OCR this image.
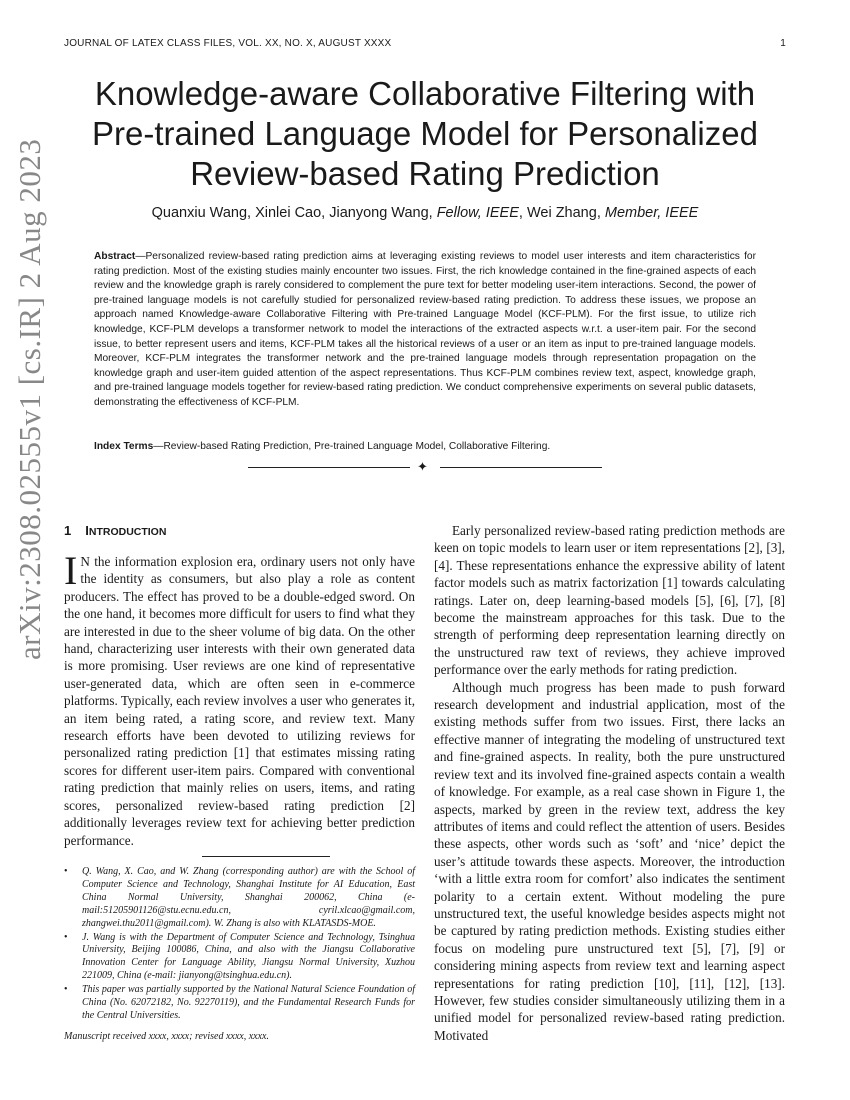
JOURNAL OF LATEX CLASS FILES, VOL. XX, NO. X, AUGUST XXXX	1
arXiv:2308.02555v1 [cs.IR] 2 Aug 2023
Knowledge-aware Collaborative Filtering with Pre-trained Language Model for Personalized Review-based Rating Prediction
Quanxiu Wang, Xinlei Cao, Jianyong Wang, Fellow, IEEE, Wei Zhang, Member, IEEE
Abstract—Personalized review-based rating prediction aims at leveraging existing reviews to model user interests and item characteristics for rating prediction. Most of the existing studies mainly encounter two issues. First, the rich knowledge contained in the fine-grained aspects of each review and the knowledge graph is rarely considered to complement the pure text for better modeling user-item interactions. Second, the power of pre-trained language models is not carefully studied for personalized review-based rating prediction. To address these issues, we propose an approach named Knowledge-aware Collaborative Filtering with Pre-trained Language Model (KCF-PLM). For the first issue, to utilize rich knowledge, KCF-PLM develops a transformer network to model the interactions of the extracted aspects w.r.t. a user-item pair. For the second issue, to better represent users and items, KCF-PLM takes all the historical reviews of a user or an item as input to pre-trained language models. Moreover, KCF-PLM integrates the transformer network and the pre-trained language models through representation propagation on the knowledge graph and user-item guided attention of the aspect representations. Thus KCF-PLM combines review text, aspect, knowledge graph, and pre-trained language models together for review-based rating prediction. We conduct comprehensive experiments on several public datasets, demonstrating the effectiveness of KCF-PLM.
Index Terms—Review-based Rating Prediction, Pre-trained Language Model, Collaborative Filtering.
✦
1 INTRODUCTION

I N the information explosion era, ordinary users not only have the identity as consumers, but also play a role as content producers. The effect has proved to be a double-edged sword. On the one hand, it becomes more difficult for users to find what they are interested in due to the sheer volume of big data. On the other hand, characterizing user interests with their own generated data is more promising. User reviews are one kind of representative user-generated data, which are often seen in e-commerce platforms. Typically, each review involves a user who generates it, an item being rated, a rating score, and review text. Many research efforts have been devoted to utilizing reviews for personalized rating prediction [1] that estimates missing rating scores for different user-item pairs. Compared with conventional rating prediction that mainly relies on users, items, and rating scores, personalized review-based rating prediction [2] additionally leverages review text for achieving better prediction performance.

• Q. Wang, X. Cao, and W. Zhang (corresponding author) are with the School of Computer Science and Technology, Shanghai Institute for AI Education, East China Normal University, Shanghai 200062, China (e-mail:51205901126@stu.ecnu.edu.cn, cyril.xlcao@gmail.com, zhangwei.thu2011@gmail.com). W. Zhang is also with KLATASDS-MOE.
• J. Wang is with the Department of Computer Science and Technology, Tsinghua University, Beijing 100086, China, and also with the Jiangsu Collaborative Innovation Center for Language Ability, Jiangsu Normal University, Xuzhou 221009, China (e-mail: jianyong@tsinghua.edu.cn).
• This paper was partially supported by the National Natural Science Foundation of China (No. 62072182, No. 92270119), and the Fundamental Research Funds for the Central Universities.
Manuscript received xxxx, xxxx; revised xxxx, xxxx.

Early personalized review-based rating prediction methods are keen on topic models to learn user or item representations [2], [3], [4]. These representations enhance the expressive ability of latent factor models such as matrix factorization [1] towards calculating ratings. Later on, deep learning-based models [5], [6], [7], [8] become the mainstream approaches for this task. Due to the strength of performing deep representation learning directly on the unstructured raw text of reviews, they achieve improved performance over the early methods for rating prediction.

Although much progress has been made to push forward research development and industrial application, most of the existing methods suffer from two issues. First, there lacks an effective manner of integrating the modeling of unstructured text and fine-grained aspects. In reality, both the pure unstructured review text and its involved fine-grained aspects contain a wealth of knowledge. For example, as a real case shown in Figure 1, the aspects, marked by green in the review text, address the key attributes of items and could reflect the attention of users. Besides these aspects, other words such as ‘soft’ and ‘nice’ depict the user’s attitude towards these aspects. Moreover, the introduction ‘with a little extra room for comfort’ also indicates the sentiment polarity to a certain extent. Without modeling the pure unstructured text, the useful knowledge besides aspects might not be captured by rating prediction methods. Existing studies either focus on modeling pure unstructured text [5], [7], [9] or considering mining aspects from review text and learning aspect representations for rating prediction [10], [11], [12], [13]. However, few studies consider simultaneously utilizing them in a unified model for personalized review-based rating prediction. Motivated
